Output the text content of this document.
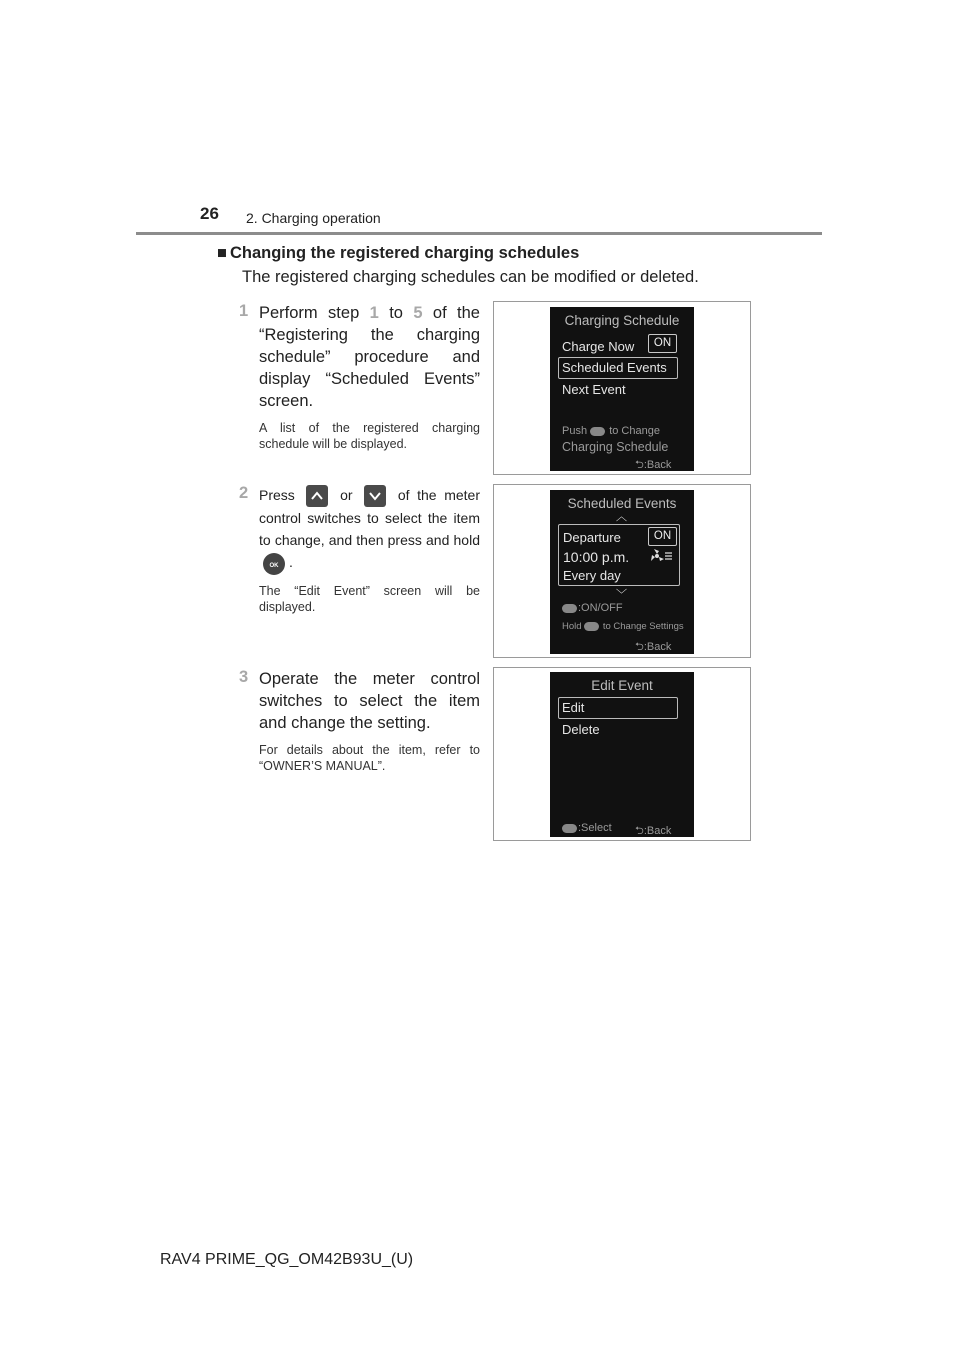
26 2. Charging operation
■ Changing the registered charging schedules
The registered charging schedules can be modified or deleted.
1 Perform step 1 to 5 of the “Registering the charging schedule” procedure and display “Scheduled Events” screen.
A list of the registered charging schedule will be displayed.
2 Press	or	of the meter control switches to select the item to change, and then press and hold
OK .
The “Edit Event” screen will be displayed.
3 Operate the meter control switches to select the item and change the setting.
For details about the item, refer to “OWNER’S MANUAL”.
Charging Schedule
Charge Now	ON
Scheduled Events
Next Event
Push to Change
Charging Schedule
⮌:Back
Scheduled Events
︿
Departure	ON
10:00 p.m.
Every day
﹀
:ON/OFF
Hold to Change Settings
⮌:Back
Edit Event
Edit
Delete
:Select ⮌:Back
RAV4 PRIME_QG_OM42B93U_(U)
